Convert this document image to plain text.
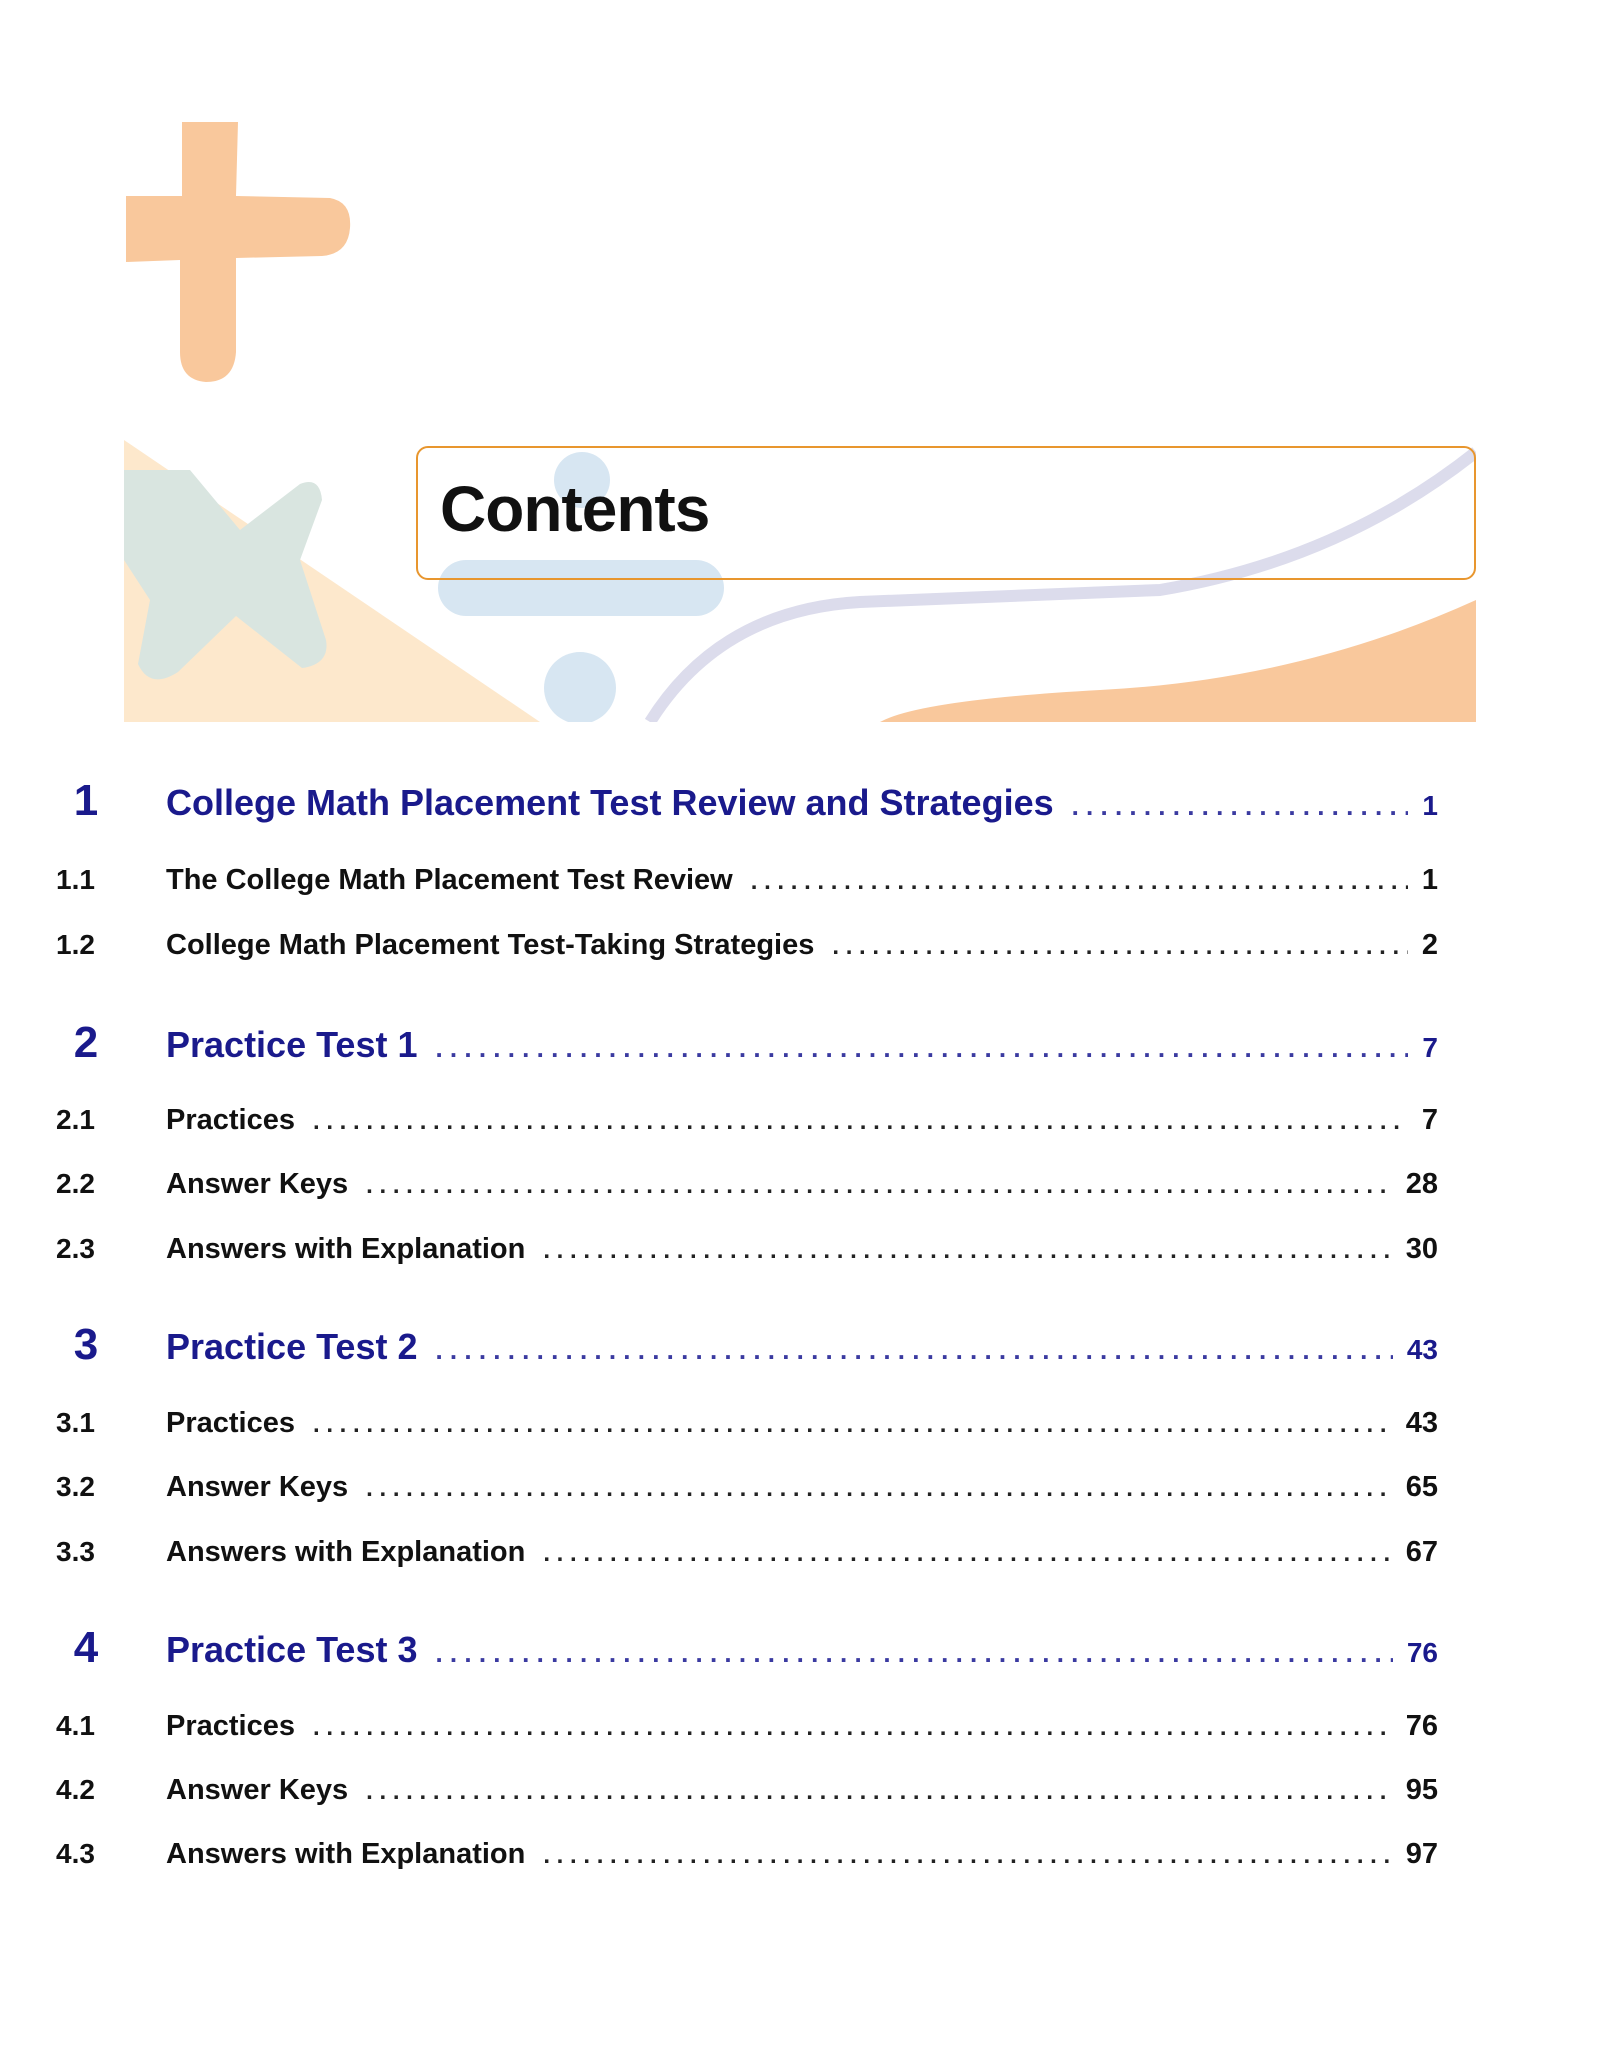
Contents
1	College Math Placement Test Review and Strategies . . .	1
1.1	The College Math Placement Test Review . . .	1
1.2	College Math Placement Test-Taking Strategies . . .	2
2	Practice Test 1 . . .	7
2.1	Practices . . .	7
2.2	Answer Keys . . .	28
2.3	Answers with Explanation . . .	30
3	Practice Test 2 . . .	43
3.1	Practices . . .	43
3.2	Answer Keys . . .	65
3.3	Answers with Explanation . . .	67
4	Practice Test 3 . . .	76
4.1	Practices . . .	76
4.2	Answer Keys . . .	95
4.3	Answers with Explanation . . .	97
